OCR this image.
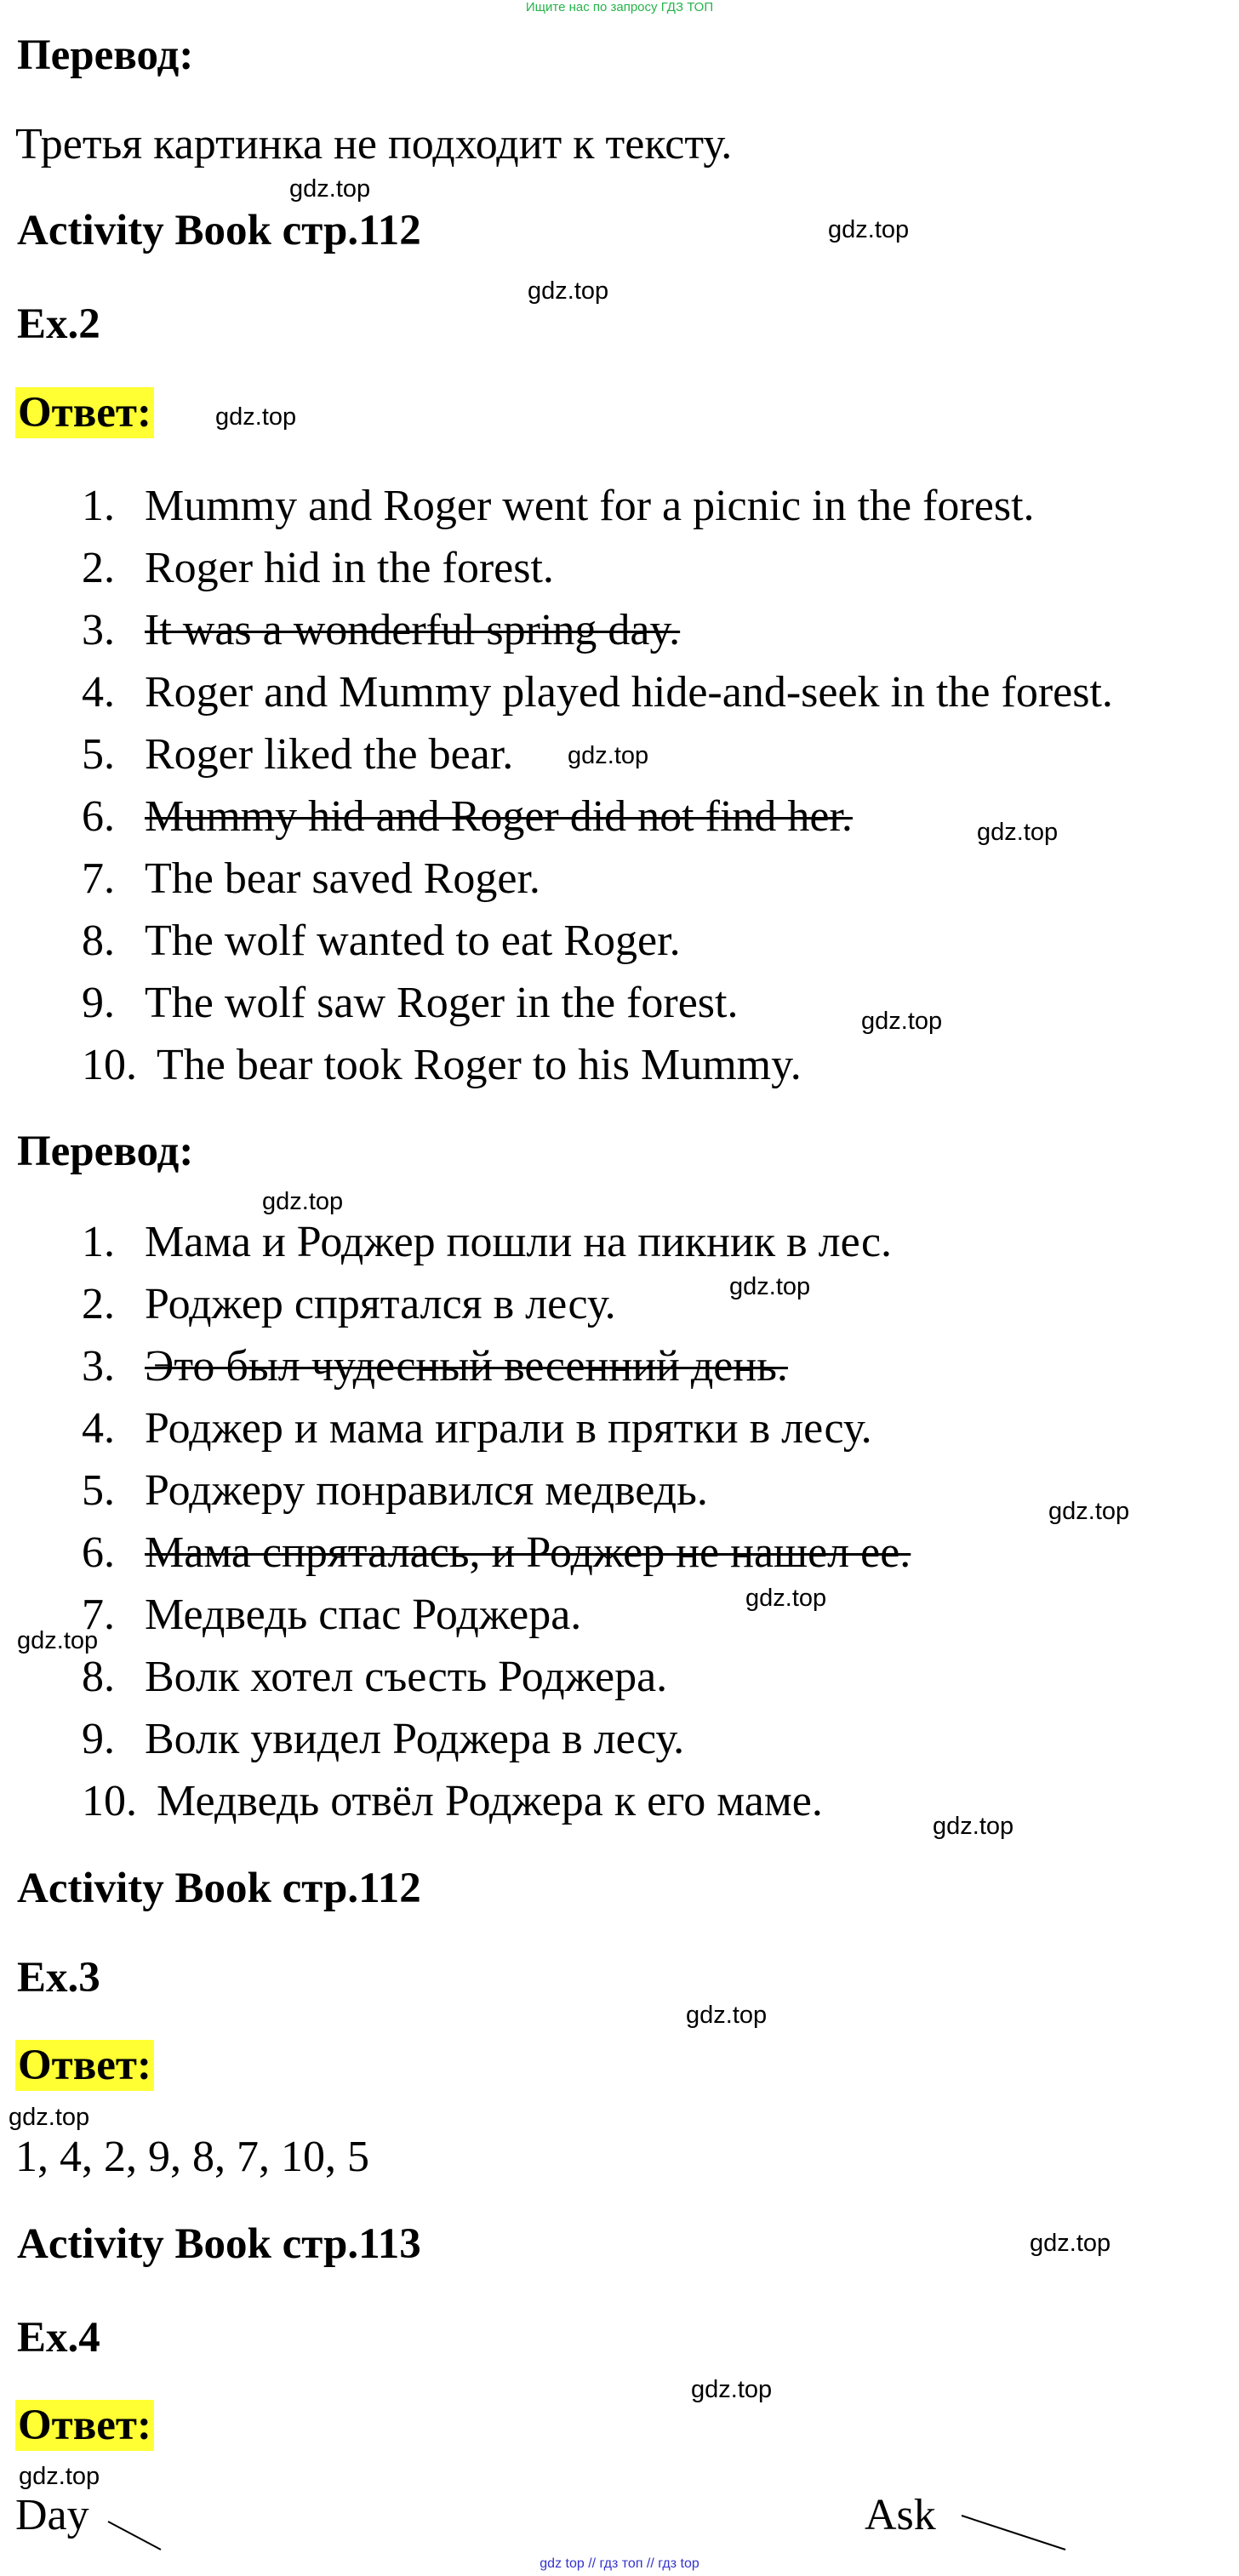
Ищите нас по запросу ГДЗ ТОП
Перевод:
Третья картинка не подходит к тексту.
Activity Book стр.112
Ex.2
Ответ:
1. Mummy and Roger went for a picnic in the forest.
2. Roger hid in the forest.
3. It was a wonderful spring day.
4. Roger and Mummy played hide-and-seek in the forest.
5. Roger liked the bear.
6. Mummy hid and Roger did not find her.
7. The bear saved Roger.
8. The wolf wanted to eat Roger.
9. The wolf saw Roger in the forest.
10. The bear took Roger to his Mummy.
Перевод:
1. Мама и Роджер пошли на пикник в лес.
2. Роджер спрятался в лесу.
3. Это был чудесный весенний день.
4. Роджер и мама играли в прятки в лесу.
5. Роджеру понравился медведь.
6. Мама спряталась, и Роджер не нашел ее.
7. Медведь спас Роджера.
8. Волк хотел съесть Роджера.
9. Волк увидел Роджера в лесу.
10. Медведь отвёл Роджера к его маме.
Activity Book стр.112
Ex.3
Ответ:
1, 4, 2, 9, 8, 7, 10, 5
Activity Book стр.113
Ex.4
Ответ:
Day	Ask
gdz.top
gdz.top
gdz.top
gdz.top
gdz.top
gdz.top
gdz.top
gdz.top
gdz.top
gdz.top
gdz.top
gdz.top
gdz.top
gdz.top
gdz.top
gdz.top
gdz.top
gdz.top
gdz top // гдз топ // гдз top
